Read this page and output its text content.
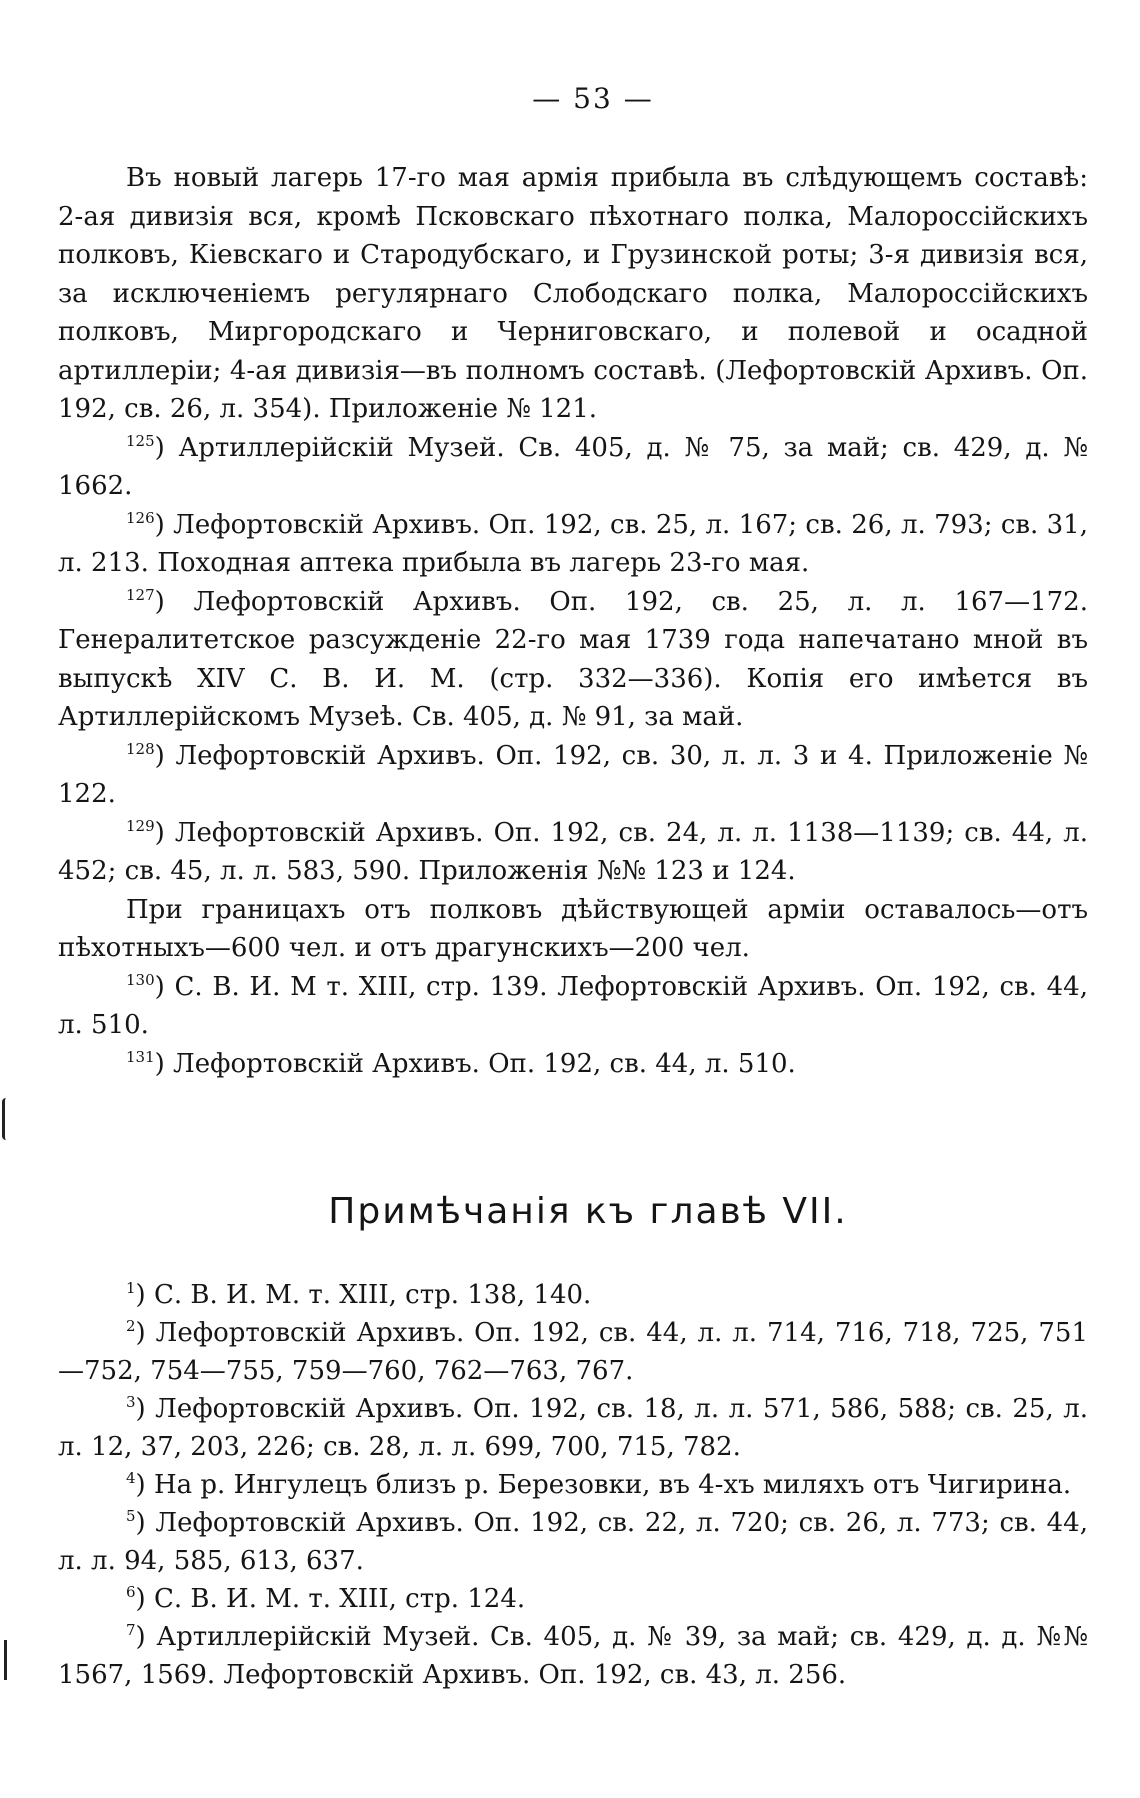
— 53 —

Въ новый лагерь 17-го мая армія прибыла въ слѣдующемъ составѣ: 2-ая дивизія вся, кромѣ Псковскаго пѣхотнаго полка, Малороссійскихъ полковъ, Кіевскаго и Стародубскаго, и Грузинской роты; 3-я дивизія вся, за исключеніемъ регулярнаго Слободскаго полка, Малороссійскихъ полковъ, Миргородскаго и Черниговскаго, и полевой и осадной артиллеріи; 4-ая дивизія—въ полномъ составѣ. (Лефортовскій Архивъ. Оп. 192, св. 26, л. 354). Приложеніе № 121.

$^{125}$) Артиллерійскій Музей. Св. 405, д. № 75, за май; св. 429, д. № 1662.

$^{126}$) Лефортовскій Архивъ. Оп. 192, св. 25, л. 167; св. 26, л. 793; св. 31, л. 213. Походная аптека прибыла въ лагерь 23-го мая.

$^{127}$) Лефортовскій Архивъ. Оп. 192, св. 25, л. л. 167—172. Генералитетское разсужденіе 22-го мая 1739 года напечатано мной въ выпускѣ XIV С. В. И. М. (стр. 332—336). Копія его имѣется въ Артиллерійскомъ Музеѣ. Св. 405, д. № 91, за май.

$^{128}$) Лефортовскій Архивъ. Оп. 192, св. 30, л. л. 3 и 4. Приложеніе № 122.

$^{129}$) Лефортовскій Архивъ. Оп. 192, св. 24, л. л. 1138—1139; св. 44, л. 452; св. 45, л. л. 583, 590. Приложенія №№ 123 и 124.

При границахъ отъ полковъ дѣйствующей арміи оставалось—отъ пѣхотныхъ—600 чел. и отъ драгунскихъ—200 чел.

$^{130}$) С. В. И. М т. XIII, стр. 139. Лефортовскій Архивъ. Оп. 192, св. 44, л. 510.

$^{131}$) Лефортовскій Архивъ. Оп. 192, св. 44, л. 510.

Примѣчанія къ главѣ VII.

$^1$) С. В. И. М. т. XIII, стр. 138, 140.

$^2$) Лефортовскій Архивъ. Оп. 192, св. 44, л. л. 714, 716, 718, 725, 751—752, 754—755, 759—760, 762—763, 767.

$^3$) Лефортовскій Архивъ. Оп. 192, св. 18, л. л. 571, 586, 588; св. 25, л. л. 12, 37, 203, 226; св. 28, л. л. 699, 700, 715, 782.

$^4$) На р. Ингулецъ близъ р. Березовки, въ 4-хъ миляхъ отъ Чигирина.

$^5$) Лефортовскій Архивъ. Оп. 192, св. 22, л. 720; св. 26, л. 773; св. 44, л. л. 94, 585, 613, 637.

$^6$) С. В. И. М. т. XIII, стр. 124.

$^7$) Артиллерійскій Музей. Св. 405, д. № 39, за май; св. 429, д. д. №№ 1567, 1569. Лефортовскій Архивъ. Оп. 192, св. 43, л. 256.
